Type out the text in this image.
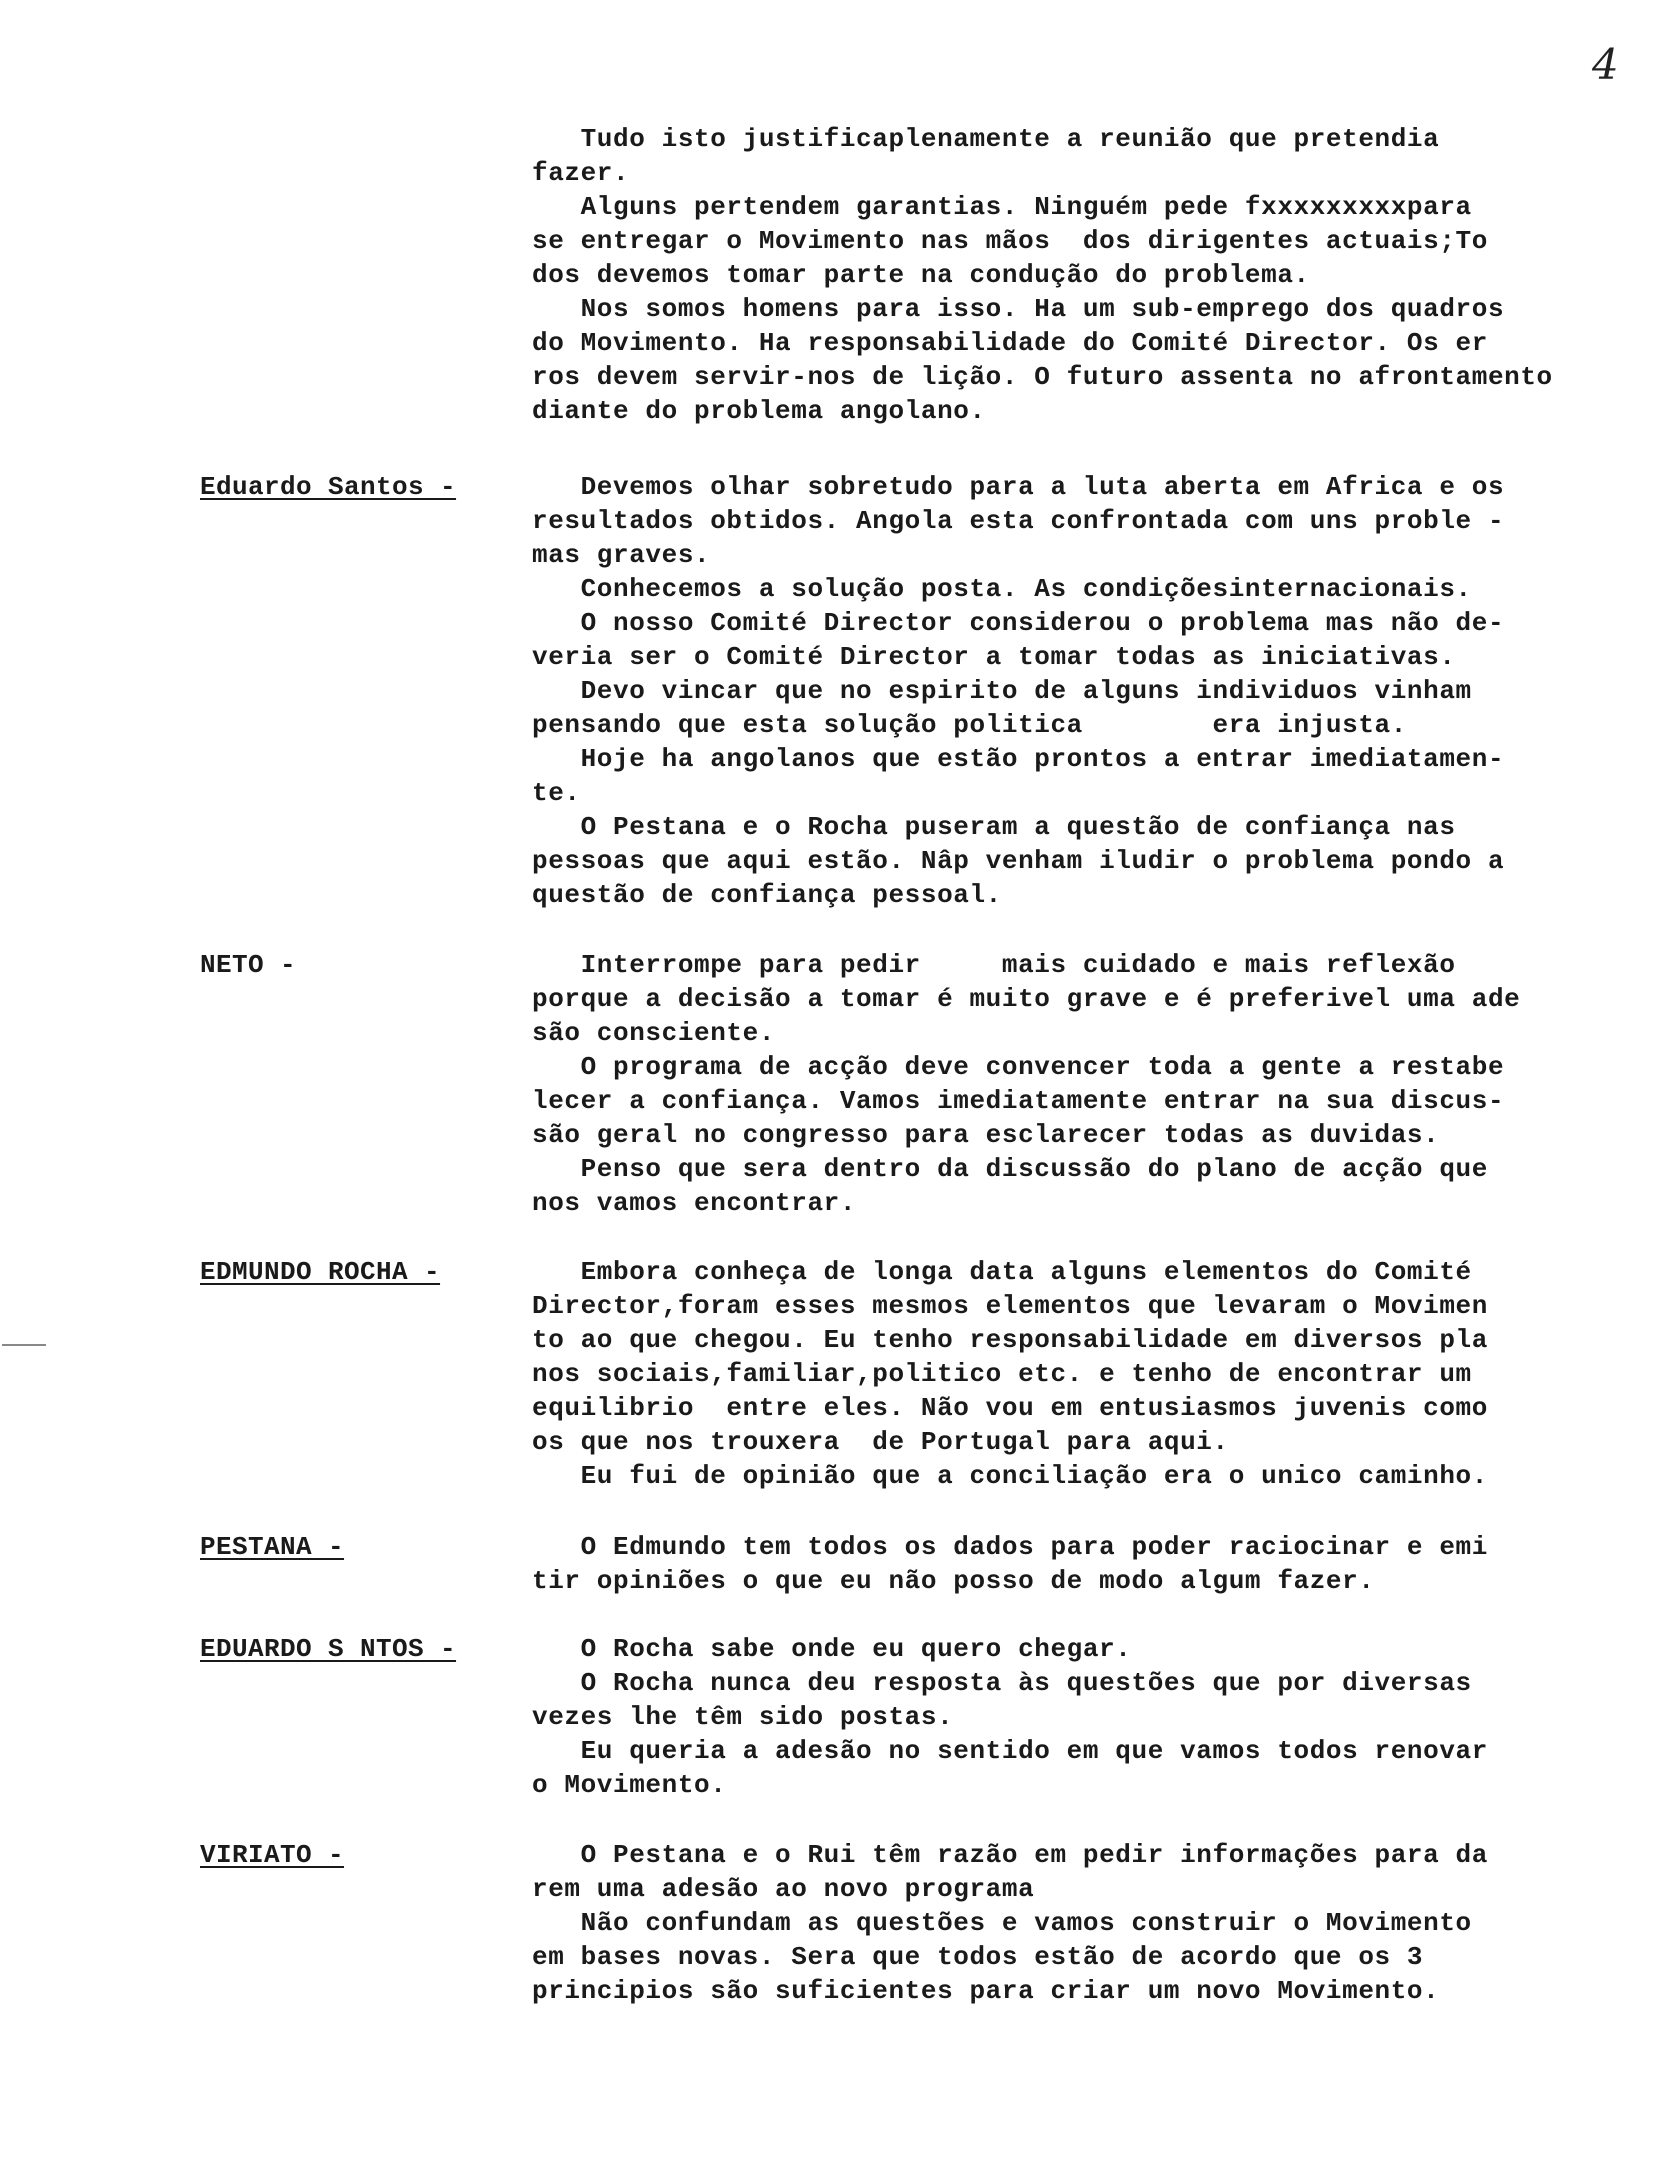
4
Tudo isto justificaplenamente a reunião que pretendia
fazer.
Alguns pertendem garantias. Ninguém pede fxxxxxxxxxpara
se entregar o Movimento nas mãos  dos dirigentes actuais;To
dos devemos tomar parte na condução do problema.
Nos somos homens para isso. Ha um sub-emprego dos quadros
do Movimento. Ha responsabilidade do Comité Director. Os er
ros devem servir-nos de lição. O futuro assenta no afrontamento
diante do problema angolano.
Eduardo Santos -	Devemos olhar sobretudo para a luta aberta em Africa e os
resultados obtidos. Angola esta confrontada com uns proble -
mas graves.
Conhecemos a solução posta. As condiçõesinternacionais.
O nosso Comité Director considerou o problema mas não de-
veria ser o Comité Director a tomar todas as iniciativas.
Devo vincar que no espirito de alguns individuos vinham
pensando que esta solução politica        era injusta.
Hoje ha angolanos que estão prontos a entrar imediatamen-
te.
O Pestana e o Rocha puseram a questão de confiança nas
pessoas que aqui estão. Nâp venham iludir o problema pondo a
questão de confiança pessoal.
NETO -	Interrompe para pedir     mais cuidado e mais reflexão
porque a decisão a tomar é muito grave e é preferivel uma ade
são consciente.
O programa de acção deve convencer toda a gente a restabe
lecer a confiança. Vamos imediatamente entrar na sua discus-
são geral no congresso para esclarecer todas as duvidas.
Penso que sera dentro da discussão do plano de acção que
nos vamos encontrar.
EDMUNDO ROCHA -	Embora conheça de longa data alguns elementos do Comité
Director,foram esses mesmos elementos que levaram o Movimen
to ao que chegou. Eu tenho responsabilidade em diversos pla
nos sociais,familiar,politico etc. e tenho de encontrar um
equilibrio  entre eles. Não vou em entusiasmos juvenis como
os que nos trouxera  de Portugal para aqui.
Eu fui de opinião que a conciliação era o unico caminho.
PESTANA -	O Edmundo tem todos os dados para poder raciocinar e emi
tir opiniões o que eu não posso de modo algum fazer.
EDUARDO S NTOS -	O Rocha sabe onde eu quero chegar.
O Rocha nunca deu resposta às questões que por diversas
vezes lhe têm sido postas.
Eu queria a adesão no sentido em que vamos todos renovar
o Movimento.
VIRIATO -	O Pestana e o Rui têm razão em pedir informações para da
rem uma adesão ao novo programa
Não confundam as questões e vamos construir o Movimento
em bases novas. Sera que todos estão de acordo que os 3
principios são suficientes para criar um novo Movimento.
